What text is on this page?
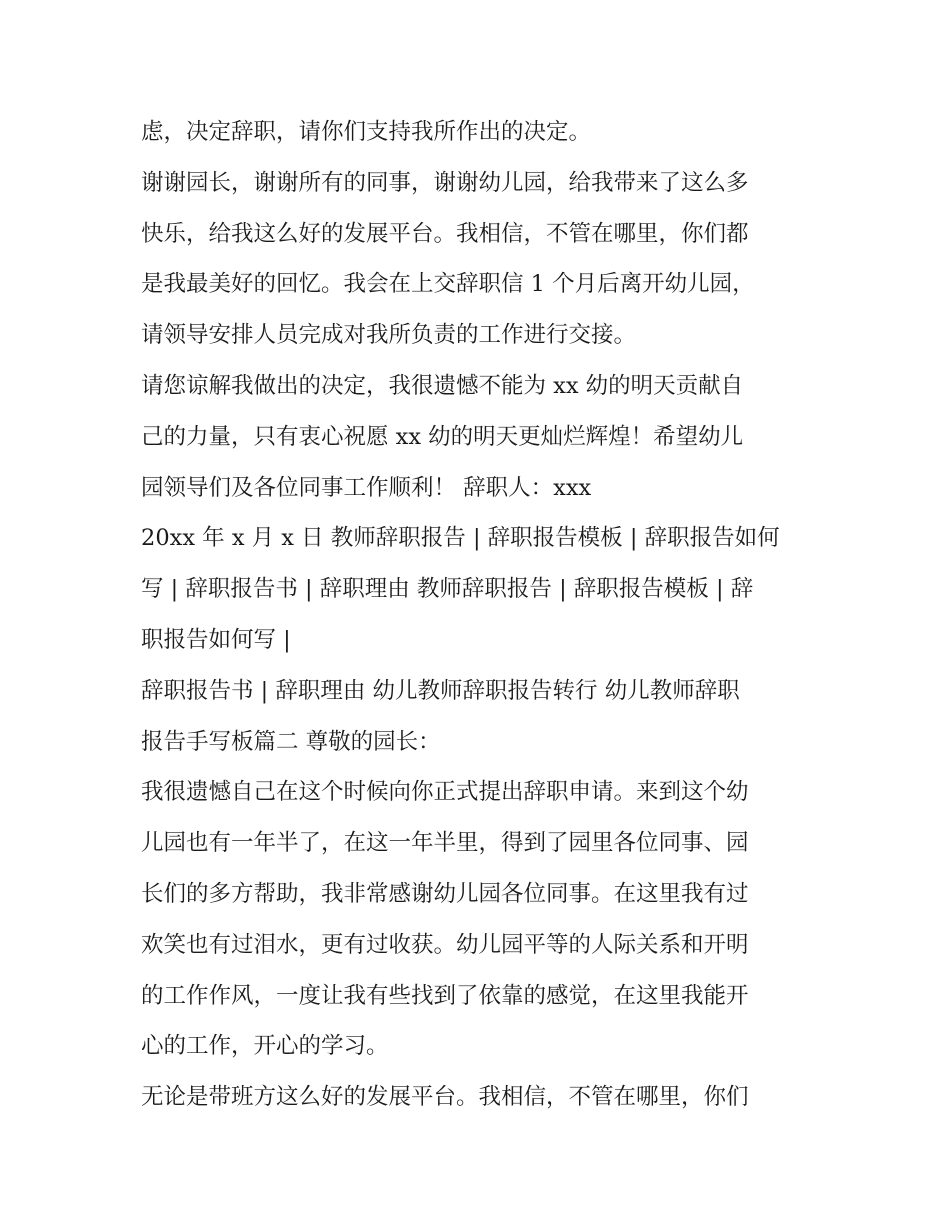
虑，决定辞职，请你们支持我所作出的决定。
谢谢园长，谢谢所有的同事，谢谢幼儿园，给我带来了这么多
快乐，给我这么好的发展平台。我相信，不管在哪里，你们都
是我最美好的回忆。我会在上交辞职信 1 个月后离开幼儿园，
请领导安排人员完成对我所负责的工作进行交接。
请您谅解我做出的决定，我很遗憾不能为 xx 幼的明天贡献自
己的力量，只有衷心祝愿 xx 幼的明天更灿烂辉煌！希望幼儿
园领导们及各位同事工作顺利！ 辞职人：xxx
20xx 年 x 月 x 日 教师辞职报告 | 辞职报告模板 | 辞职报告如何
写 | 辞职报告书 | 辞职理由 教师辞职报告 | 辞职报告模板 | 辞
职报告如何写 |
辞职报告书 | 辞职理由 幼儿教师辞职报告转行 幼儿教师辞职
报告手写板篇二 尊敬的园长：
我很遗憾自己在这个时候向你正式提出辞职申请。来到这个幼
儿园也有一年半了，在这一年半里，得到了园里各位同事、园
长们的多方帮助，我非常感谢幼儿园各位同事。在这里我有过
欢笑也有过泪水，更有过收获。幼儿园平等的人际关系和开明
的工作作风，一度让我有些找到了依靠的感觉，在这里我能开
心的工作，开心的学习。
无论是带班方这么好的发展平台。我相信，不管在哪里，你们
